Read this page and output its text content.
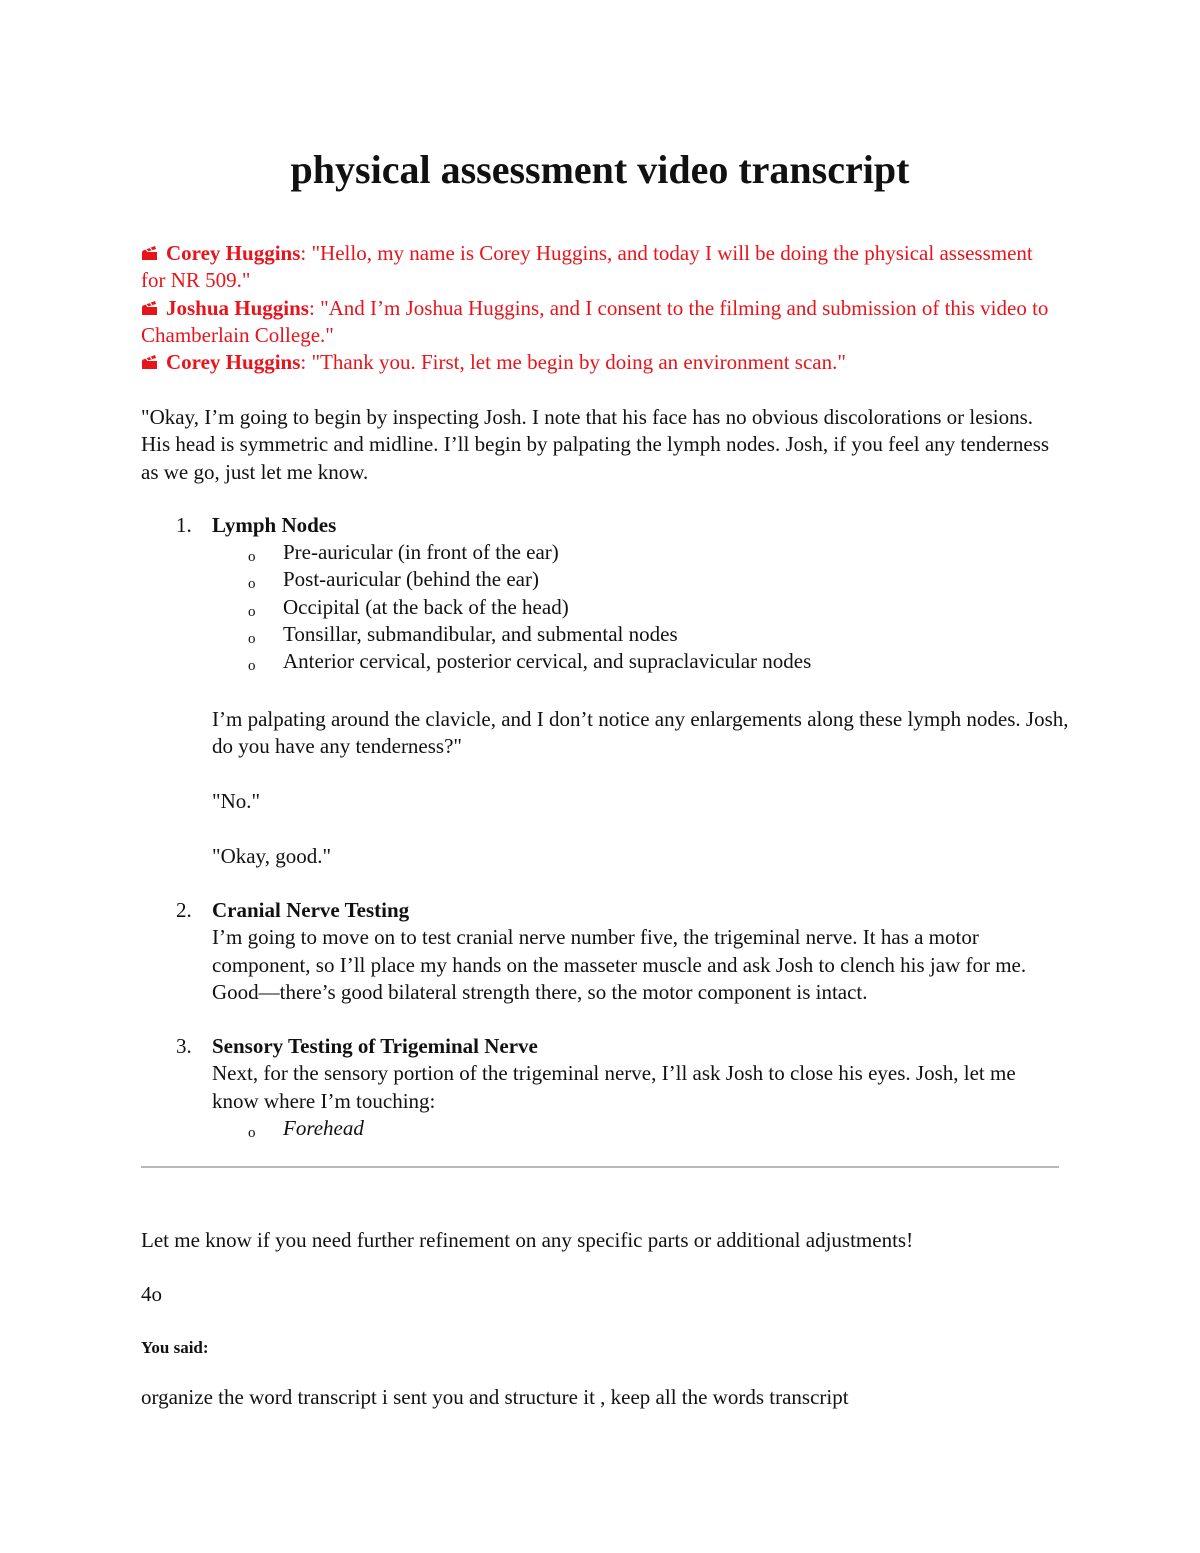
physical assessment video transcript

Corey Huggins: "Hello, my name is Corey Huggins, and today I will be doing the physical assessment for NR 509."

Joshua Huggins: "And I’m Joshua Huggins, and I consent to the filming and submission of this video to Chamberlain College."

Corey Huggins: "Thank you. First, let me begin by doing an environment scan."

"Okay, I’m going to begin by inspecting Josh. I note that his face has no obvious discolorations or lesions. His head is symmetric and midline. I’ll begin by palpating the lymph nodes. Josh, if you feel any tenderness as we go, just let me know.

1. Lymph Nodes

o Pre-auricular (in front of the ear)
o Post-auricular (behind the ear)
o Occipital (at the back of the head)
o Tonsillar, submandibular, and submental nodes
o Anterior cervical, posterior cervical, and supraclavicular nodes

I’m palpating around the clavicle, and I don’t notice any enlargements along these lymph nodes. Josh, do you have any tenderness?"

"No."

"Okay, good."

2. Cranial Nerve Testing

I’m going to move on to test cranial nerve number five, the trigeminal nerve. It has a motor component, so I’ll place my hands on the masseter muscle and ask Josh to clench his jaw for me. Good—there’s good bilateral strength there, so the motor component is intact.

3. Sensory Testing of Trigeminal Nerve

Next, for the sensory portion of the trigeminal nerve, I’ll ask Josh to close his eyes. Josh, let me know where I’m touching:

o Forehead

Let me know if you need further refinement on any specific parts or additional adjustments!

4o

You said:

organize the word transcript i sent you and structure it , keep all the words transcript
